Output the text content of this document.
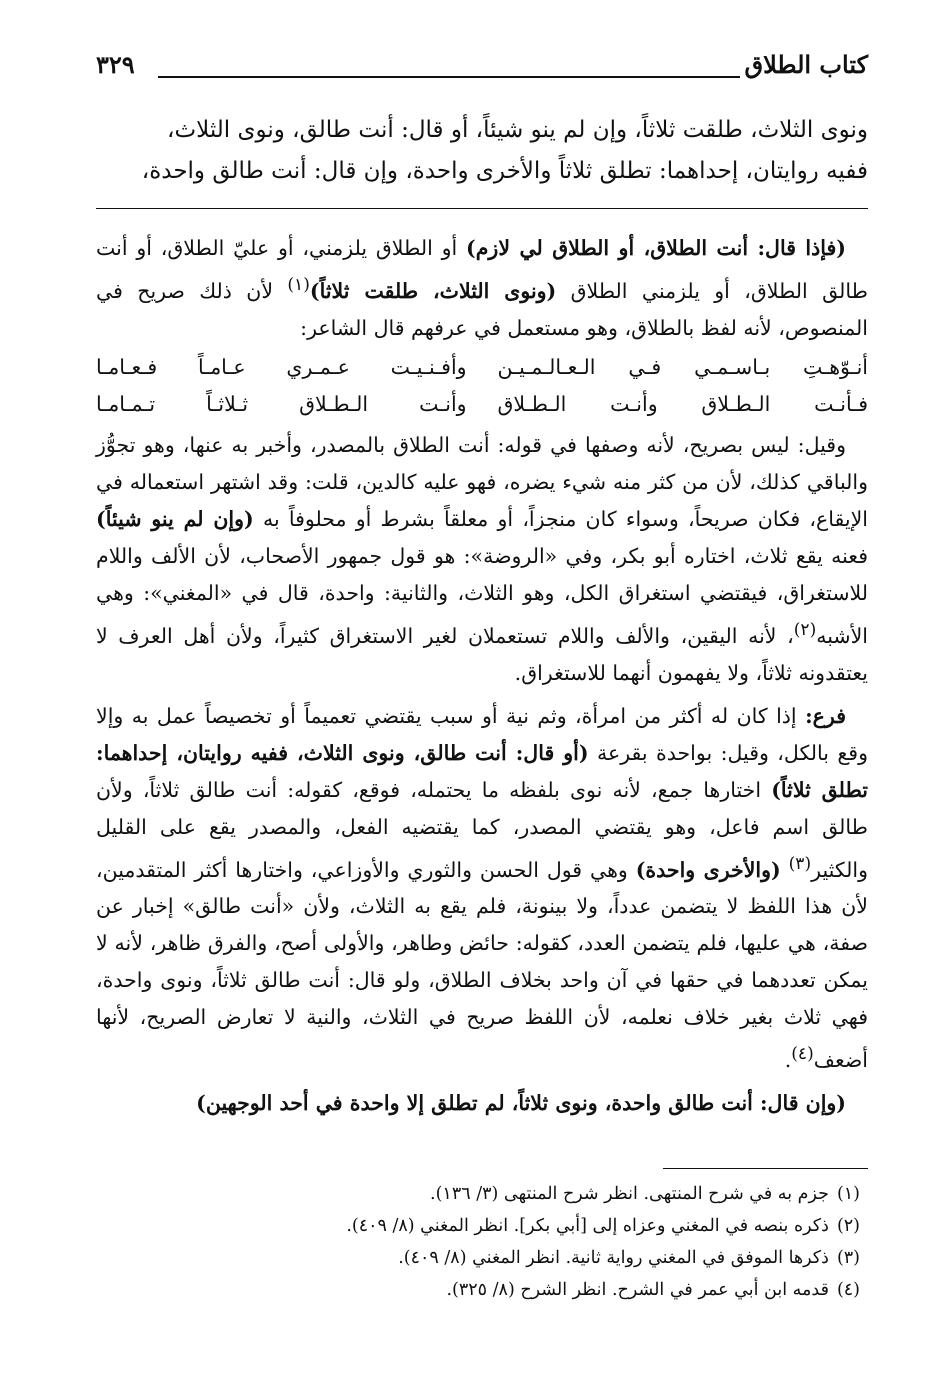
كتاب الطلاق
٣٢٩

ونوى الثلاث، طلقت ثلاثاً، وإن لم ينو شيئاً، أو قال: أنت طالق، ونوى الثلاث،

ففيه روايتان، إحداهما: تطلق ثلاثاً والأخرى واحدة، وإن قال: أنت طالق واحدة،

(فإذا قال: أنت الطلاق، أو الطلاق لي لازم) أو الطلاق يلزمني، أو عليّ الطلاق، أو أنت طالق الطلاق، أو يلزمني الطلاق (ونوى الثلاث، طلقت ثلاثاً)$^{(١)}$ لأن ذلك صريح في المنصوص، لأنه لفظ بالطلاق، وهو مستعمل في عرفهم قال الشاعر:

أنـوّهـتِ بـاسـمـي فـي الـعـالـمـيـن
وأفـنـيـت عـمـري عـامـاً فـعـامـا
فـأنـت الـطـلاق وأنـت الـطـلاق
وأنـت الـطـلاق ثـلاثـاً تـمـامـا

وقيل: ليس بصريح، لأنه وصفها في قوله: أنت الطلاق بالمصدر، وأخبر به عنها، وهو تجوُّز والباقي كذلك، لأن من كثر منه شيء يضره، فهو عليه كالدين، قلت: وقد اشتهر استعماله في الإيقاع، فكان صريحاً، وسواء كان منجزاً، أو معلقاً بشرط أو محلوفاً به (وإن لم ينو شيئاً) فعنه يقع ثلاث، اختاره أبو بكر، وفي «الروضة»: هو قول جمهور الأصحاب، لأن الألف واللام للاستغراق، فيقتضي استغراق الكل، وهو الثلاث، والثانية: واحدة، قال في «المغني»: وهي الأشبه$^{(٢)}$، لأنه اليقين، والألف واللام تستعملان لغير الاستغراق كثيراً، ولأن أهل العرف لا يعتقدونه ثلاثاً، ولا يفهمون أنهما للاستغراق.

فرع: إذا كان له أكثر من امرأة، وثم نية أو سبب يقتضي تعميماً أو تخصيصاً عمل به وإلا وقع بالكل، وقيل: بواحدة بقرعة (أو قال: أنت طالق، ونوى الثلاث، ففيه روايتان، إحداهما: تطلق ثلاثاً) اختارها جمع، لأنه نوى بلفظه ما يحتمله، فوقع، كقوله: أنت طالق ثلاثاً، ولأن طالق اسم فاعل، وهو يقتضي المصدر، كما يقتضيه الفعل، والمصدر يقع على القليل والكثير$^{(٣)}$ (والأخرى واحدة) وهي قول الحسن والثوري والأوزاعي، واختارها أكثر المتقدمين، لأن هذا اللفظ لا يتضمن عدداً، ولا بينونة، فلم يقع به الثلاث، ولأن «أنت طالق» إخبار عن صفة، هي عليها، فلم يتضمن العدد، كقوله: حائض وطاهر، والأولى أصح، والفرق ظاهر، لأنه لا يمكن تعددهما في حقها في آن واحد بخلاف الطلاق، ولو قال: أنت طالق ثلاثاً، ونوى واحدة، فهي ثلاث بغير خلاف نعلمه، لأن اللفظ صريح في الثلاث، والنية لا تعارض الصريح، لأنها أضعف$^{(٤)}$.

(وإن قال: أنت طالق واحدة، ونوى ثلاثاً، لم تطلق إلا واحدة في أحد الوجهين)

(١)جزم به في شرح المنتهى. انظر شرح المنتهى (٣/ ١٣٦).
(٢)ذكره بنصه في المغني وعزاه إلى [أبي بكر]. انظر المغني (٨/ ٤٠٩).
(٣)ذكرها الموفق في المغني رواية ثانية. انظر المغني (٨/ ٤٠٩).
(٤)قدمه ابن أبي عمر في الشرح. انظر الشرح (٨/ ٣٢٥).
